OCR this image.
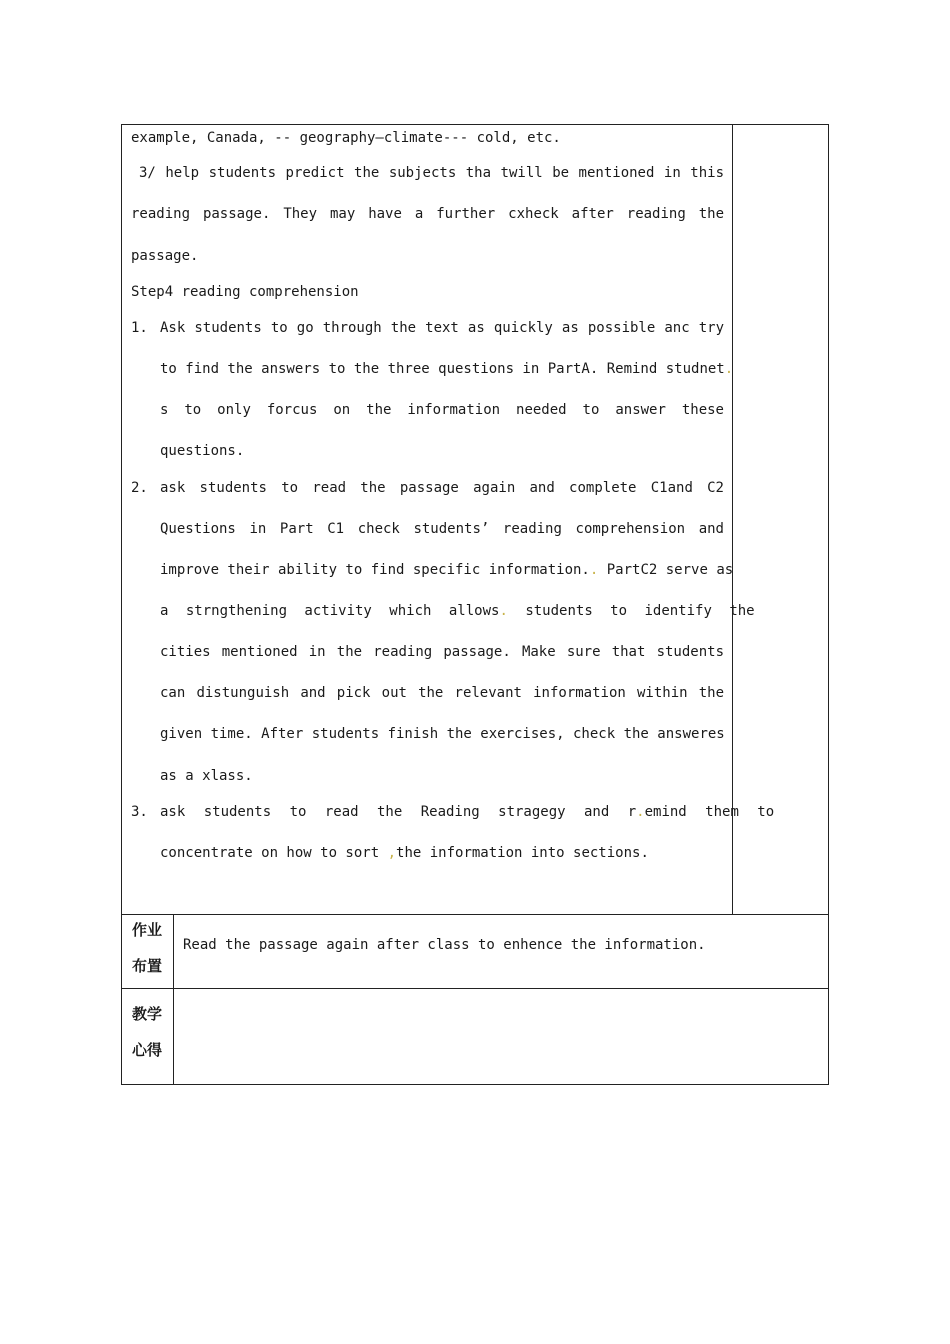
example, Canada, -- geography—climate--- cold, etc.
3/ help students predict the subjects tha twill be mentioned in this
reading passage. They may have a further cxheck after reading the
passage.
Step4 reading comprehension
1. Ask students to go through the text as quickly as possible anc try
to find the answers to the three questions in PartA. Remind studnet.
s to only forcus on the information needed to answer these
questions.
2. ask students to read the passage again and complete C1and C2
Questions in Part C1 check students’ reading comprehension and
improve their ability to find specific information.. PartC2 serve as
a strngthening activity which allows. students to identify the
cities mentioned in the reading passage. Make sure that students
can distunguish and pick out the relevant information within the
given time. After students finish the exercises, check the answeres
as a xlass.
3. ask students to read the Reading stragegy and r.emind them to
concentrate on how to sort ,the information into sections.
作业
布置
Read the passage again after class to enhence the information.
教学
心得
